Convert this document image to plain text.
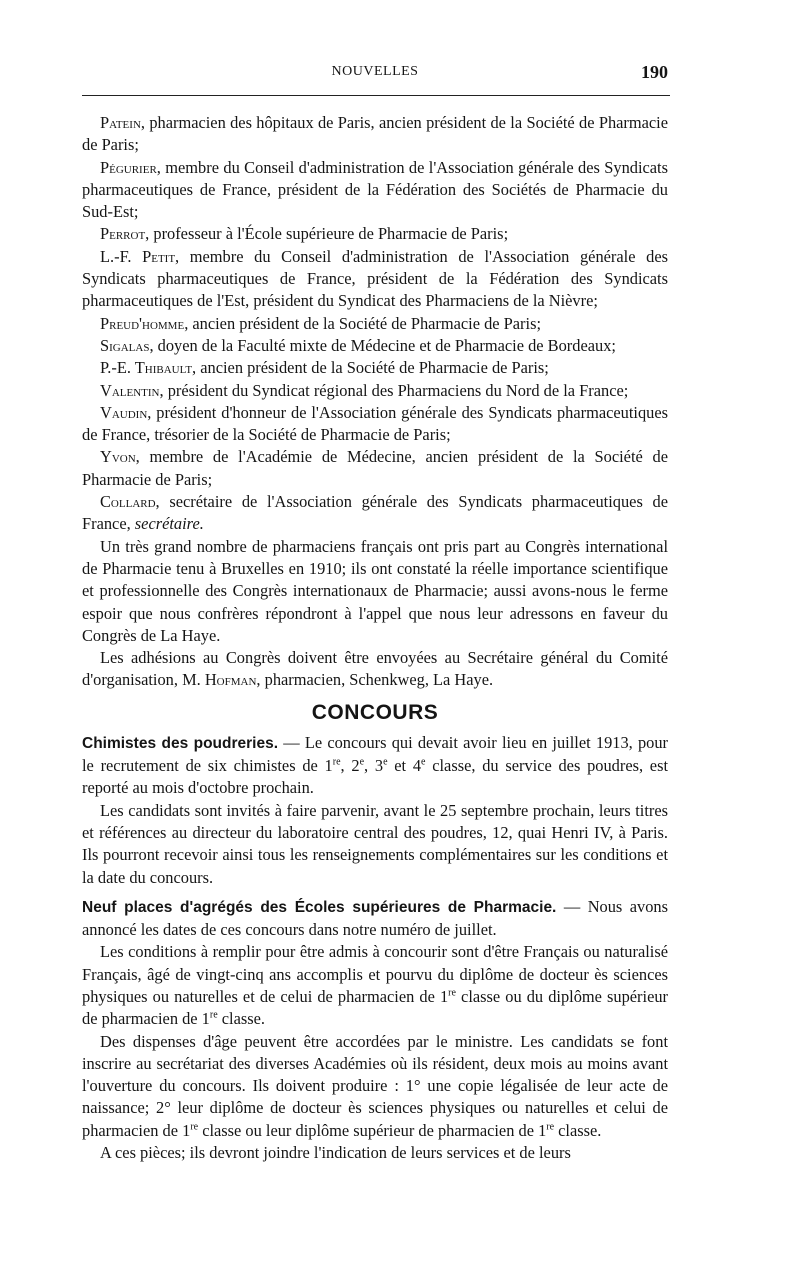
NOUVELLES	190

Patein, pharmacien des hôpitaux de Paris, ancien président de la Société de Pharmacie de Paris;

Pégurier, membre du Conseil d'administration de l'Association générale des Syndicats pharmaceutiques de France, président de la Fédération des Sociétés de Pharmacie du Sud-Est;

Perrot, professeur à l'École supérieure de Pharmacie de Paris;

L.-F. Petit, membre du Conseil d'administration de l'Association générale des Syndicats pharmaceutiques de France, président de la Fédération des Syndicats pharmaceutiques de l'Est, président du Syndicat des Pharmaciens de la Nièvre;

Preud'homme, ancien président de la Société de Pharmacie de Paris;

Sigalas, doyen de la Faculté mixte de Médecine et de Pharmacie de Bordeaux;

P.-E. Thibault, ancien président de la Société de Pharmacie de Paris;

Valentin, président du Syndicat régional des Pharmaciens du Nord de la France;

Vaudin, président d'honneur de l'Association générale des Syndicats pharmaceutiques de France, trésorier de la Société de Pharmacie de Paris;

Yvon, membre de l'Académie de Médecine, ancien président de la Société de Pharmacie de Paris;

Collard, secrétaire de l'Association générale des Syndicats pharmaceutiques de France, secrétaire.

Un très grand nombre de pharmaciens français ont pris part au Congrès international de Pharmacie tenu à Bruxelles en 1910; ils ont constaté la réelle importance scientifique et professionnelle des Congrès internationaux de Pharmacie; aussi avons-nous le ferme espoir que nous confrères répondront à l'appel que nous leur adressons en faveur du Congrès de La Haye.

Les adhésions au Congrès doivent être envoyées au Secrétaire général du Comité d'organisation, M. Hofman, pharmacien, Schenkweg, La Haye.

CONCOURS

Chimistes des poudreries. — Le concours qui devait avoir lieu en juillet 1913, pour le recrutement de six chimistes de 1re, 2e, 3e et 4e classe, du service des poudres, est reporté au mois d'octobre prochain.

Les candidats sont invités à faire parvenir, avant le 25 septembre prochain, leurs titres et références au directeur du laboratoire central des poudres, 12, quai Henri IV, à Paris. Ils pourront recevoir ainsi tous les renseignements complémentaires sur les conditions et la date du concours.

Neuf places d'agrégés des Écoles supérieures de Pharmacie. — Nous avons annoncé les dates de ces concours dans notre numéro de juillet.

Les conditions à remplir pour être admis à concourir sont d'être Français ou naturalisé Français, âgé de vingt-cinq ans accomplis et pourvu du diplôme de docteur ès sciences physiques ou naturelles et de celui de pharmacien de 1re classe ou du diplôme supérieur de pharmacien de 1re classe.

Des dispenses d'âge peuvent être accordées par le ministre. Les candidats se font inscrire au secrétariat des diverses Académies où ils résident, deux mois au moins avant l'ouverture du concours. Ils doivent produire : 1° une copie légalisée de leur acte de naissance; 2° leur diplôme de docteur ès sciences physiques ou naturelles et celui de pharmacien de 1re classe ou leur diplôme supérieur de pharmacien de 1re classe.

A ces pièces; ils devront joindre l'indication de leurs services et de leurs
